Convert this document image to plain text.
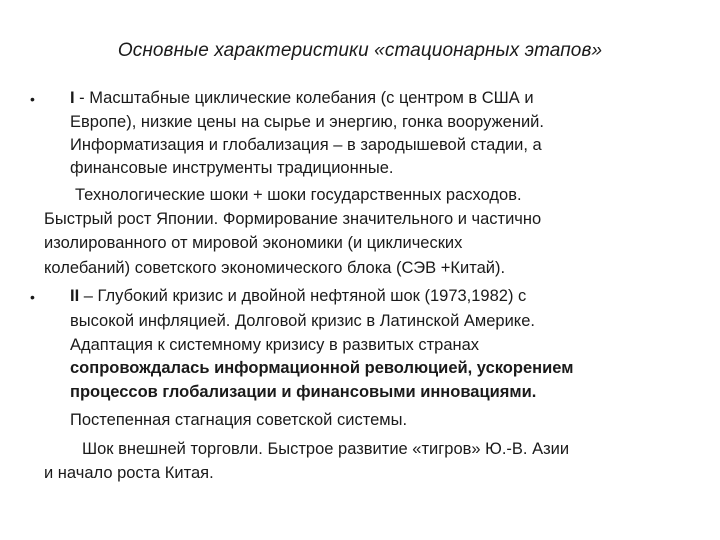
Основные характеристики «стационарных этапов»
• I - Масштабные циклические колебания (с центром в США и
Европе), низкие цены на сырье и энергию, гонка вооружений.
Информатизация и глобализация – в зародышевой стадии, а
финансовые инструменты традиционные.
Технологические шоки + шоки государственных расходов.
Быстрый рост Японии. Формирование значительного и частично
изолированного от мировой экономики (и циклических
колебаний) советского экономического блока (СЭВ +Китай).
• II – Глубокий кризис и двойной нефтяной шок (1973,1982) с
высокой инфляцией. Долговой кризис в Латинской Америке.
Адаптация к системному кризису в развитых странах
сопровождалась информационной революцией, ускорением
процессов глобализации и финансовыми инновациями.
Постепенная стагнация советской системы.
Шок внешней торговли. Быстрое развитие «тигров» Ю.-В. Азии
и начало роста Китая.
